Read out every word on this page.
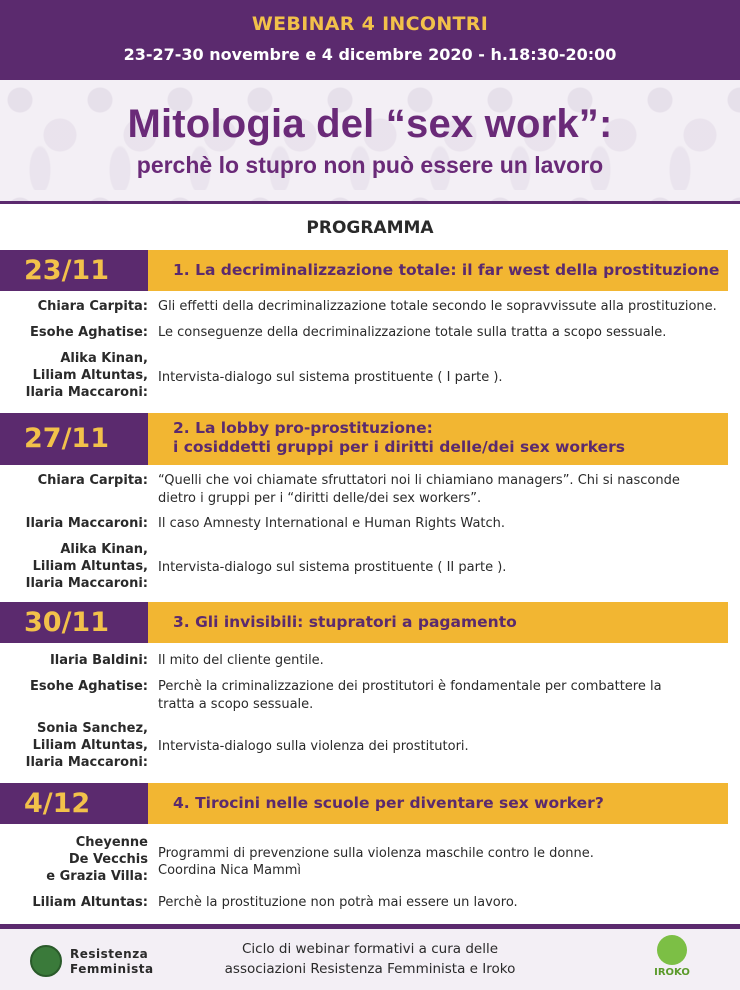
WEBINAR 4 INCONTRI
23-27-30 novembre e 4 dicembre 2020 - h.18:30-20:00
Mitologia del “sex work”:
perchè lo stupro non può essere un lavoro
PROGRAMMA
23/11	1. La decriminalizzazione totale: il far west della prostituzione
Chiara Carpita: Gli effetti della decriminalizzazione totale secondo le sopravvissute alla prostituzione.
Esohe Aghatise: Le conseguenze della decriminalizzazione totale sulla tratta a scopo sessuale.
Alika Kinan,
Liliam Altuntas,
Ilaria Maccaroni:
Intervista-dialogo sul sistema prostituente ( I parte ).
27/11	2. La lobby pro-prostituzione:
i cosiddetti gruppi per i diritti delle/dei sex workers
Chiara Carpita: “Quelli che voi chiamate sfruttatori noi li chiamiano managers”. Chi si nasconde
dietro i gruppi per i “diritti delle/dei sex workers”.
Ilaria Maccaroni: Il caso Amnesty International e Human Rights Watch.
Alika Kinan,
Liliam Altuntas,
Ilaria Maccaroni:
Intervista-dialogo sul sistema prostituente ( II parte ).
30/11	3. Gli invisibili: stupratori a pagamento
Ilaria Baldini: Il mito del cliente gentile.
Esohe Aghatise: Perchè la criminalizzazione dei prostitutori è fondamentale per combattere la
tratta a scopo sessuale.
Sonia Sanchez,
Liliam Altuntas,
Ilaria Maccaroni:
Intervista-dialogo sulla violenza dei prostitutori.
4/12	4. Tirocini nelle scuole per diventare sex worker?
Cheyenne
De Vecchis
e Grazia Villa:
Programmi di prevenzione sulla violenza maschile contro le donne.
Coordina Nica Mammì
Liliam Altuntas: Perchè la prostituzione non potrà mai essere un lavoro.
Resistenza
Femminista
Ciclo di webinar formativi a cura delle
associazioni Resistenza Femminista e Iroko	IROKO
